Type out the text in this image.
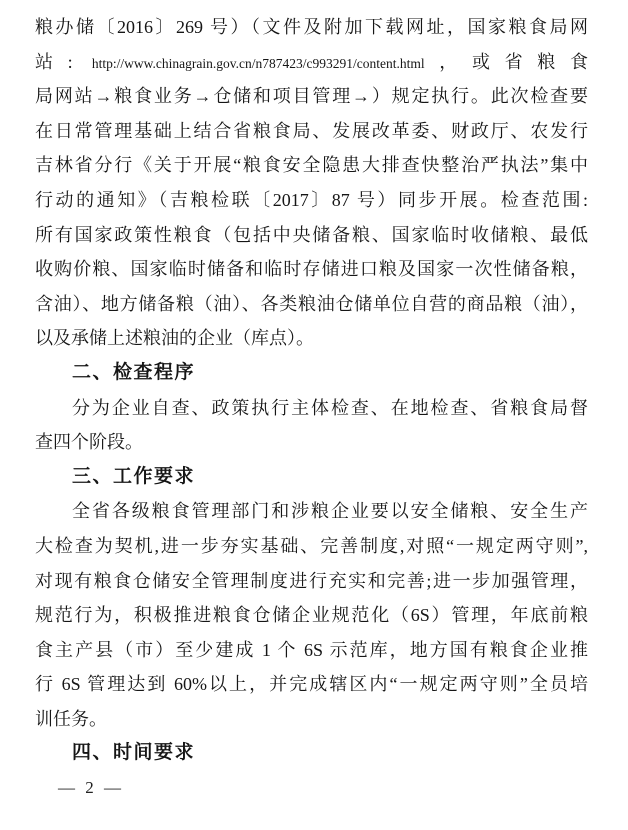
粮办储〔2016〕269 号）（文件及附加下载网址，国家粮食局网
站: http://www.chinagrain.gov.cn/n787423/c993291/content.html，或省粮食
局网站→粮食业务→仓储和项目管理→）规定执行。此次检查要
在日常管理基础上结合省粮食局、发展改革委、财政厅、农发行
吉林省分行《关于开展“粮食安全隐患大排查快整治严执法”集中
行动的通知》（吉粮检联〔2017〕87 号）同步开展。检查范围:
所有国家政策性粮食（包括中央储备粮、国家临时收储粮、最低
收购价粮、国家临时储备和临时存储进口粮及国家一次性储备粮，
含油）、地方储备粮（油）、各类粮油仓储单位自营的商品粮（油），
以及承储上述粮油的企业（库点）。
二、检查程序
分为企业自查、政策执行主体检查、在地检查、省粮食局督
查四个阶段。
三、工作要求
全省各级粮食管理部门和涉粮企业要以安全储粮、安全生产
大检查为契机,进一步夯实基础、完善制度,对照“一规定两守则”,
对现有粮食仓储安全管理制度进行充实和完善;进一步加强管理，
规范行为，积极推进粮食仓储企业规范化（6S）管理，年底前粮
食主产县（市）至少建成 1 个 6S 示范库，地方国有粮食企业推
行 6S 管理达到 60%以上，并完成辖区内“一规定两守则”全员培
训任务。
四、时间要求
— 2 —
